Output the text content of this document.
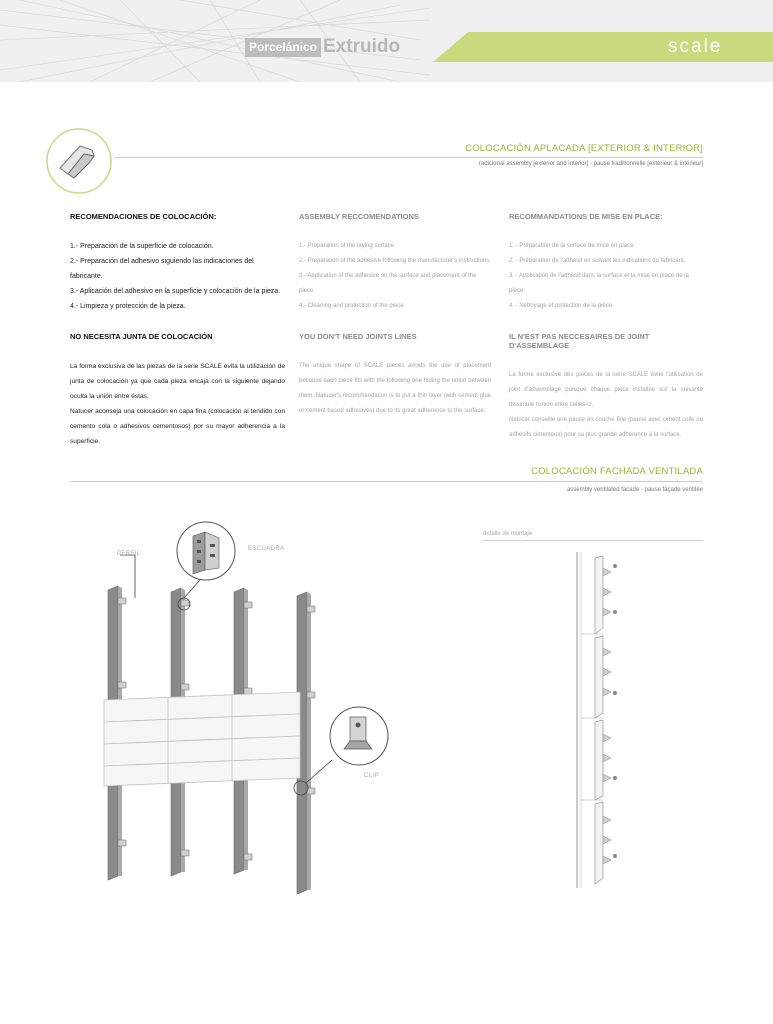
Porcelánico Extruido	scale
COLOCACIÓN APLACADA [EXTERIOR & INTERIOR]
radicional assembly [exterior and interior] - pause traditionnelle [extérieur & intérieur]
RECOMENDACIONES DE COLOCACIÓN:
1.- Preparación de la superficie de colocación.
2.- Preparación del adhesivo siguiendo las indicaciones del fabricante.
3.- Aplicación del adhesivo en la superficie y colocación de la pieza.
4.- Limpieza y protección de la pieza.
NO NECESITA JUNTA DE COLOCACIÓN
La forma exclusiva de las piezas de la serie SCALE evita la utilización de junta de colocación ya que cada pieza encaja con la siguiente dejando oculta la unión entre éstas.
Natucer aconseja una colocación en capa fina (colocación al tendido con cemento cola o adhesivos cementosos) por su mayor adherencia a la superficie.
ASSEMBLY RECCOMENDATIONS
1.- Preparation of the laying surface
2.- Preparation of the adhesive following the manufacturer's instructions
3.- Application of the adhesive on the surface and placement of the piece
4.- Cleaning and protection of the piece
YOU DON'T NEED JOINTS LINES
The unique shape of SCALE pieces avoids the use of placement because each piece fits with the following one hiding the union between them. Natucer's recommendation is to put a thin layer (with cement glue or cement based adhesives) due to its great adherence to the surface.
RECOMMANDATIONS DE MISE EN PLACE:
1. - Préparation de la surface de mise en place.
2. - Préparation de l'adhésif en suivant les indications du fabricant.
3. - Application de l'adhésif dans la surface et la mise en place de la pièce.
4. - Nettoyage et protection de la pièce.
IL N'EST PAS NECCESAIRES DE JOINT D'ASSEMBLAGE
La forme exclusive des pièces de la série SCALE évite l'utilisation de joint d'assemblage puisque chaque pièce installée sur la suivante dissimule l'union entre celles-ci.
Natucer conseille une pause en couche fine (pause avec ciment colle ou adhésifs cimenteux) pour sa plus grande adhérence à la surface.
COLOCACIÓN FACHADA VENTILADA
assembly ventilated facade - pause façade ventilée
PERFIL
ESCUADRA
CLIP
detalle de montaje
